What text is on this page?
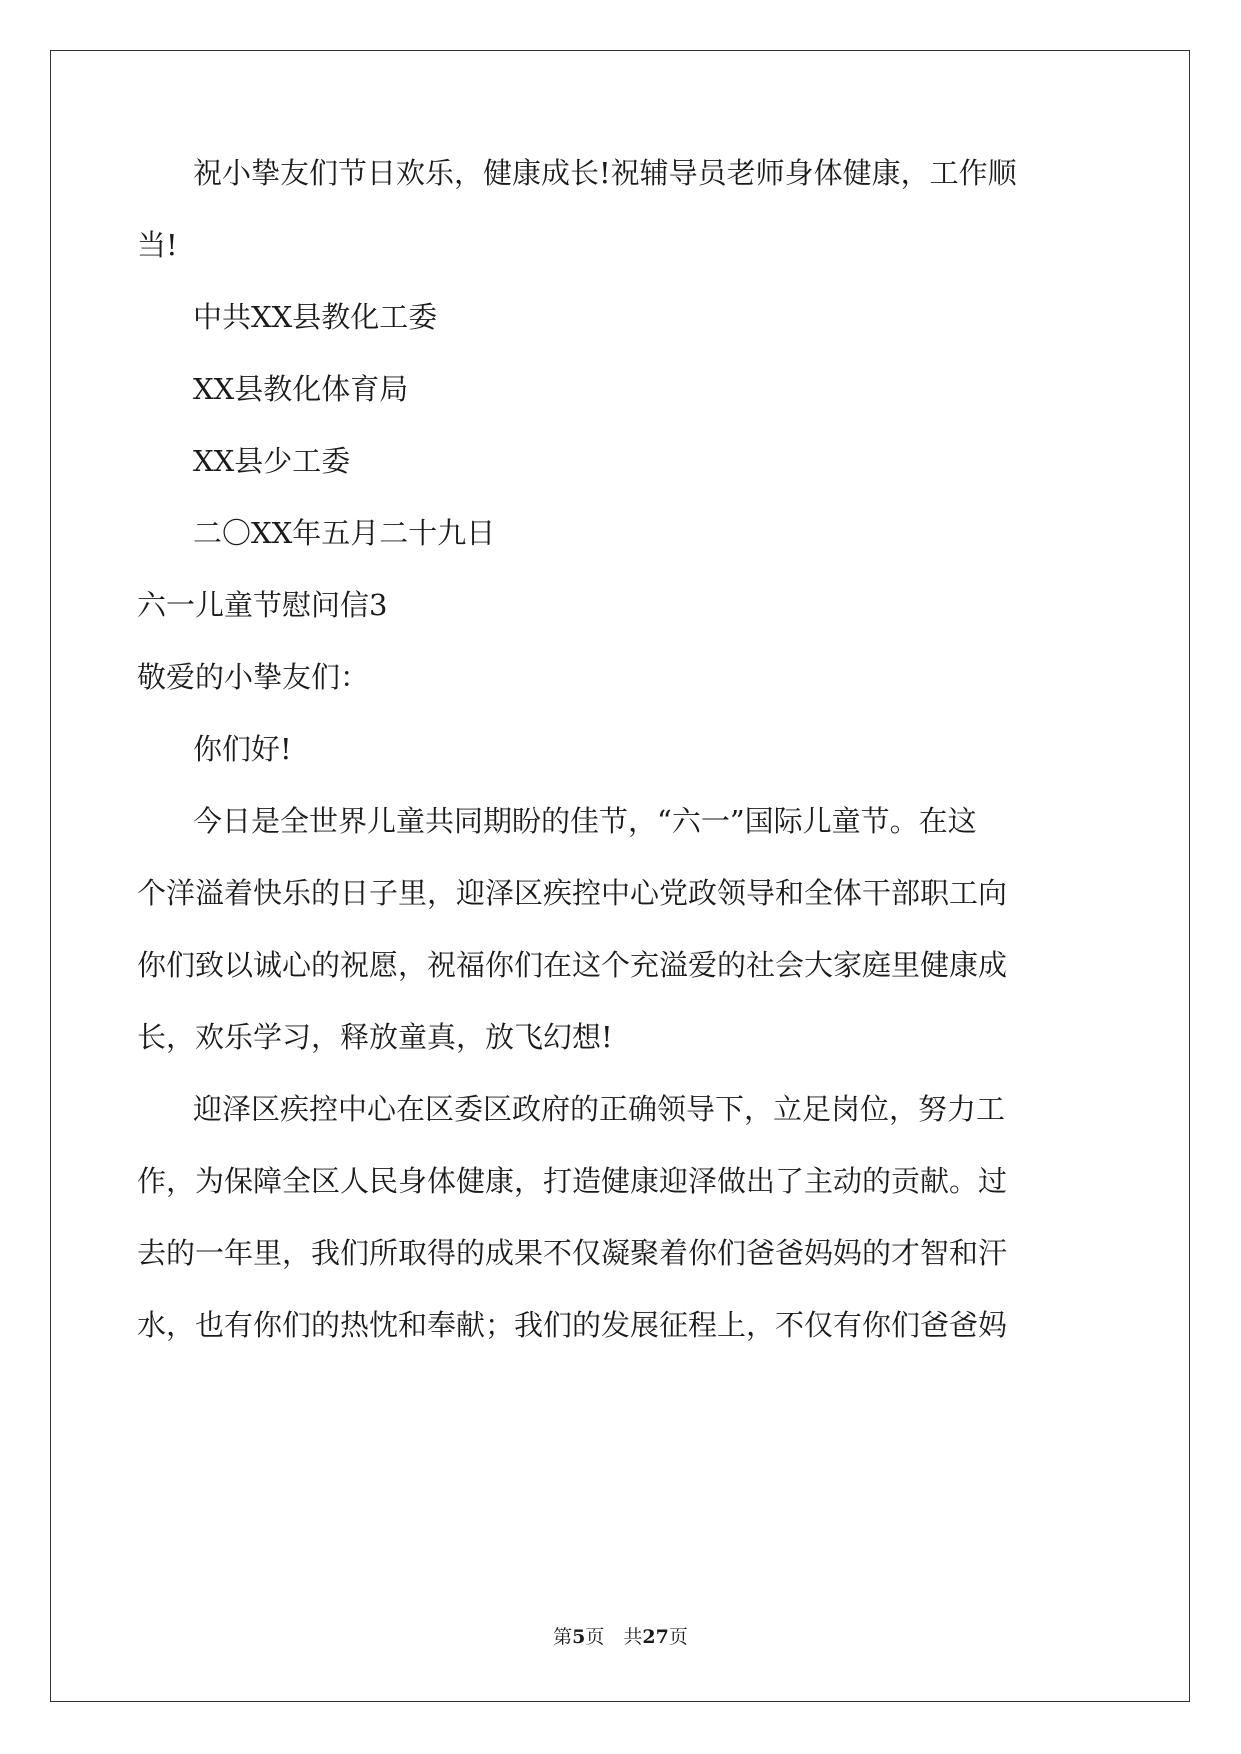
祝小挚友们节日欢乐，健康成长!祝辅导员老师身体健康，工作顺
当!
中共XX县教化工委
XX县教化体育局
XX县少工委
二〇XX年五月二十九日
六一儿童节慰问信3
敬爱的小挚友们：
你们好!
今日是全世界儿童共同期盼的佳节，“六一”国际儿童节。在这
个洋溢着快乐的日子里，迎泽区疾控中心党政领导和全体干部职工向
你们致以诚心的祝愿，祝福你们在这个充溢爱的社会大家庭里健康成
长，欢乐学习，释放童真，放飞幻想!
迎泽区疾控中心在区委区政府的正确领导下，立足岗位，努力工
作，为保障全区人民身体健康，打造健康迎泽做出了主动的贡献。过
去的一年里，我们所取得的成果不仅凝聚着你们爸爸妈妈的才智和汗
水，也有你们的热忱和奉献；我们的发展征程上，不仅有你们爸爸妈
第5页　共27页
